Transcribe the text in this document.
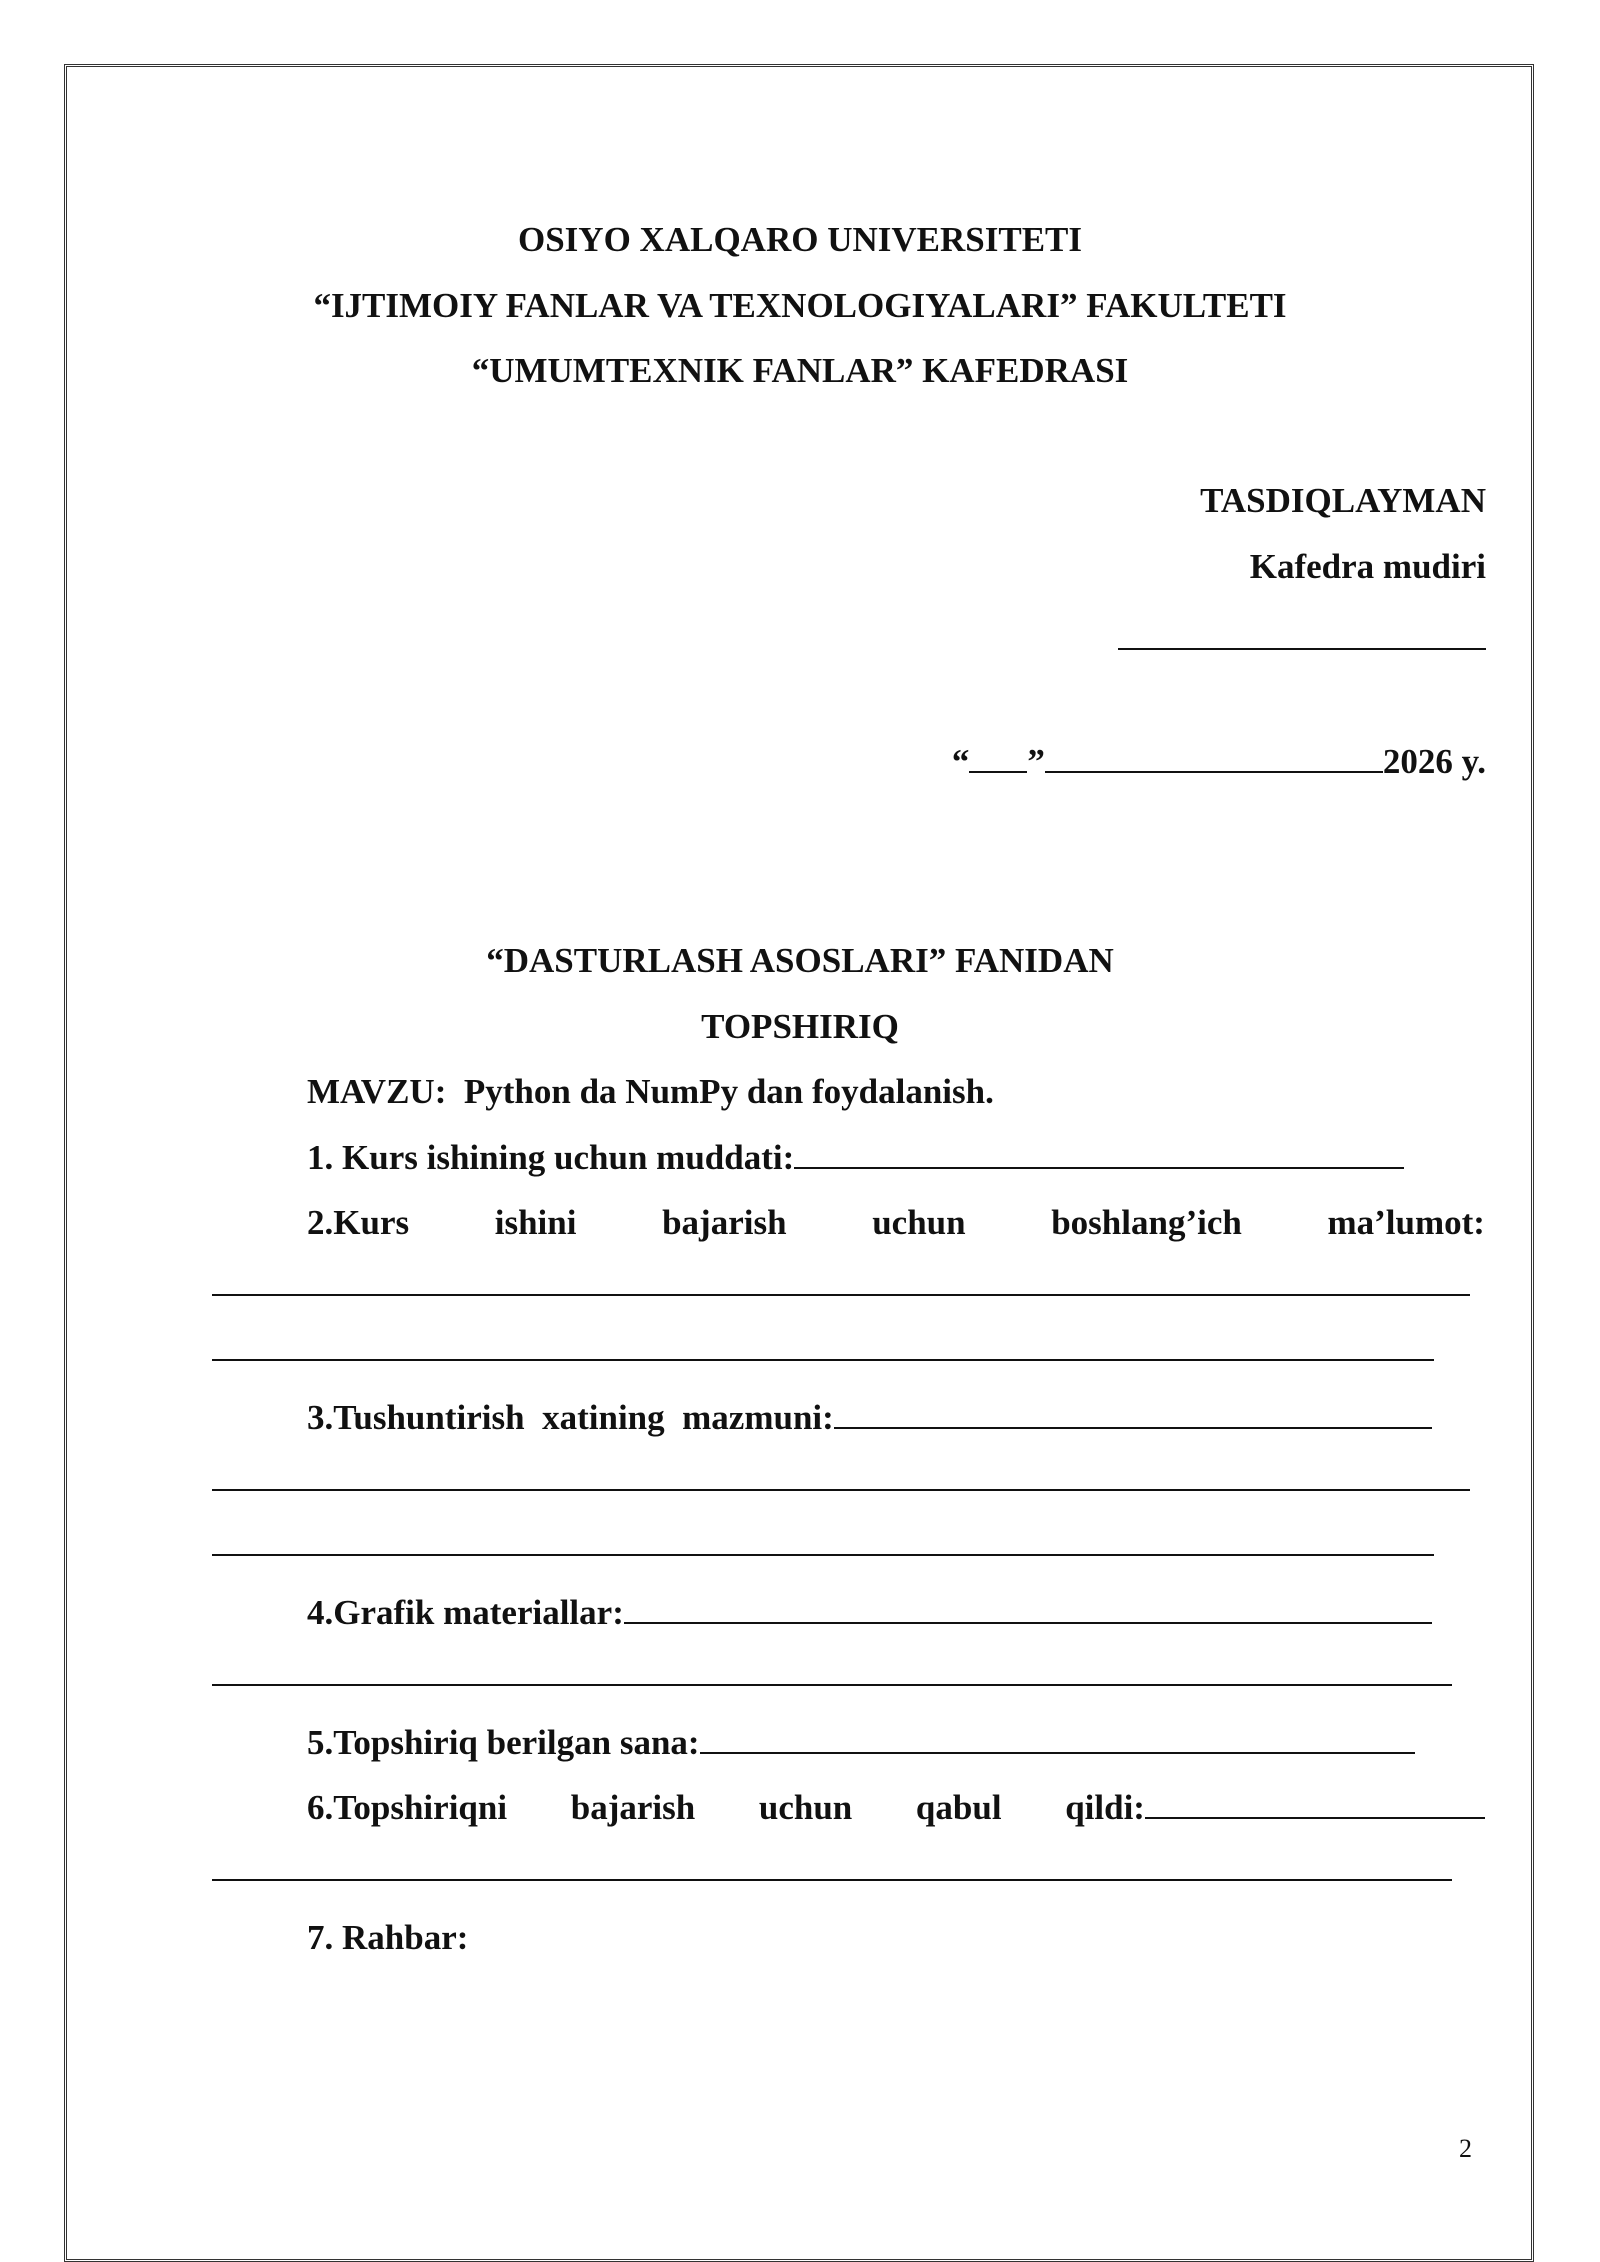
OSIYO XALQARO UNIVERSITETI
“IJTIMOIY FANLAR VA TEXNOLOGIYALARI” FAKULTETI
“UMUMTEXNIK FANLAR” KAFEDRASI
TASDIQLAYMAN
Kafedra mudiri
“ ”	2026 y.
“DASTURLASH ASOSLARI” FANIDAN
TOPSHIRIQ
MAVZU: Python da NumPy dan foydalanish.
1. Kurs ishining uchun muddati:
2.Kurs ishini bajarish uchun boshlang’ich ma’lumot:
3.Tushuntirish xatining mazmuni:
4.Grafik materiallar:
5.Topshiriq berilgan sana:
6.Topshiriqni bajarish uchun qabul qildi:
7. Rahbar:
2
